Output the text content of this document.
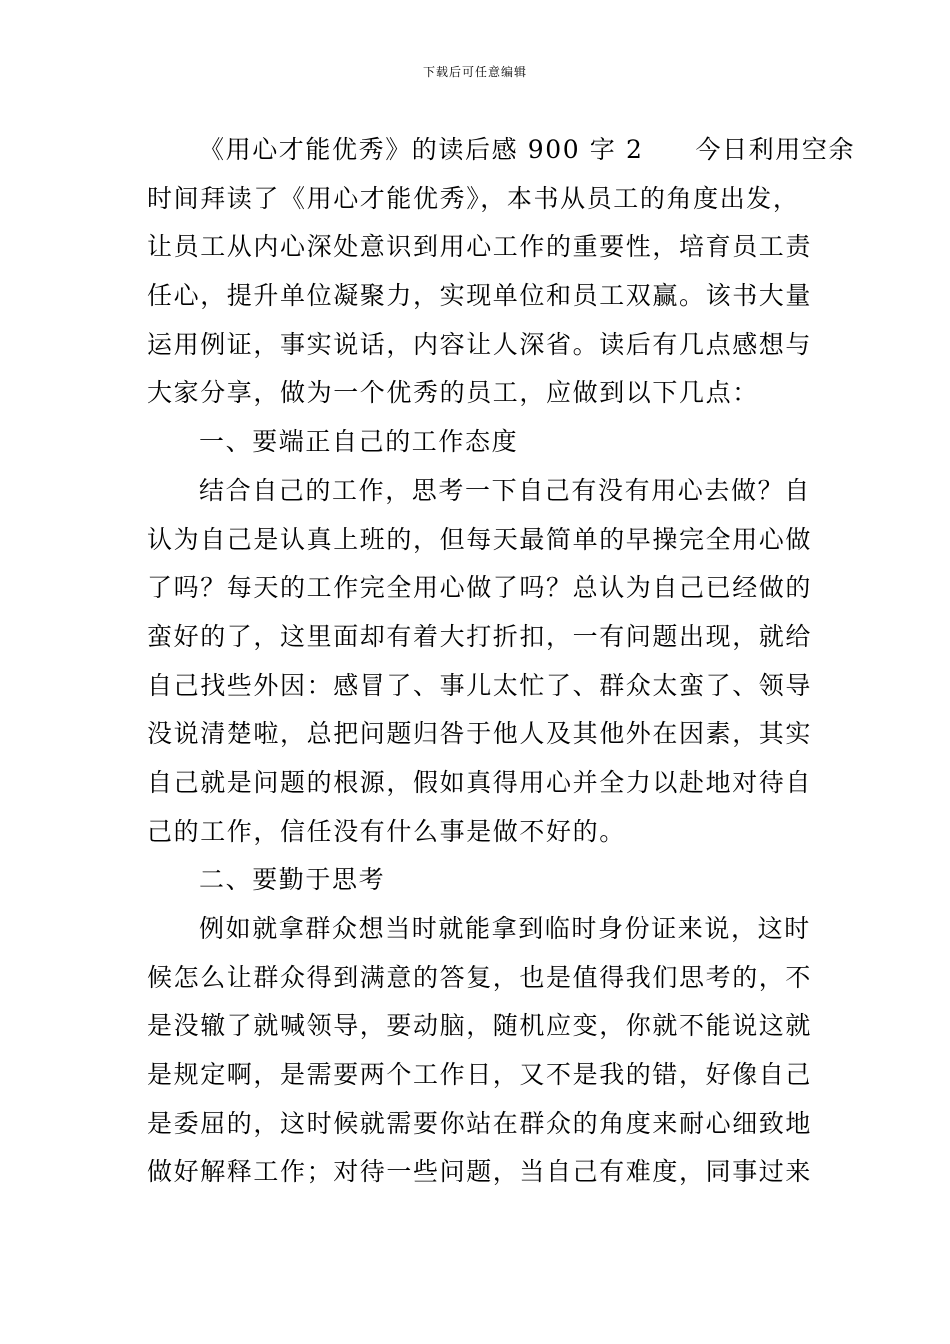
下载后可任意编辑
《用心才能优秀》的读后感 900 字 2 今日利用空余
时间拜读了《用心才能优秀》，本书从员工的角度出发，
让员工从内心深处意识到用心工作的重要性，培育员工责
任心，提升单位凝聚力，实现单位和员工双赢。该书大量
运用例证，事实说话，内容让人深省。读后有几点感想与
大家分享，做为一个优秀的员工，应做到以下几点：
一、要端正自己的工作态度
结合自己的工作，思考一下自己有没有用心去做？自
认为自己是认真上班的，但每天最简单的早操完全用心做
了吗？每天的工作完全用心做了吗？总认为自己已经做的
蛮好的了，这里面却有着大打折扣，一有问题出现，就给
自己找些外因：感冒了、事儿太忙了、群众太蛮了、领导
没说清楚啦，总把问题归咎于他人及其他外在因素，其实
自己就是问题的根源，假如真得用心并全力以赴地对待自
己的工作，信任没有什么事是做不好的。
二、要勤于思考
例如就拿群众想当时就能拿到临时身份证来说，这时
候怎么让群众得到满意的答复，也是值得我们思考的，不
是没辙了就喊领导，要动脑，随机应变，你就不能说这就
是规定啊，是需要两个工作日，又不是我的错，好像自己
是委屈的，这时候就需要你站在群众的角度来耐心细致地
做好解释工作；对待一些问题，当自己有难度，同事过来
